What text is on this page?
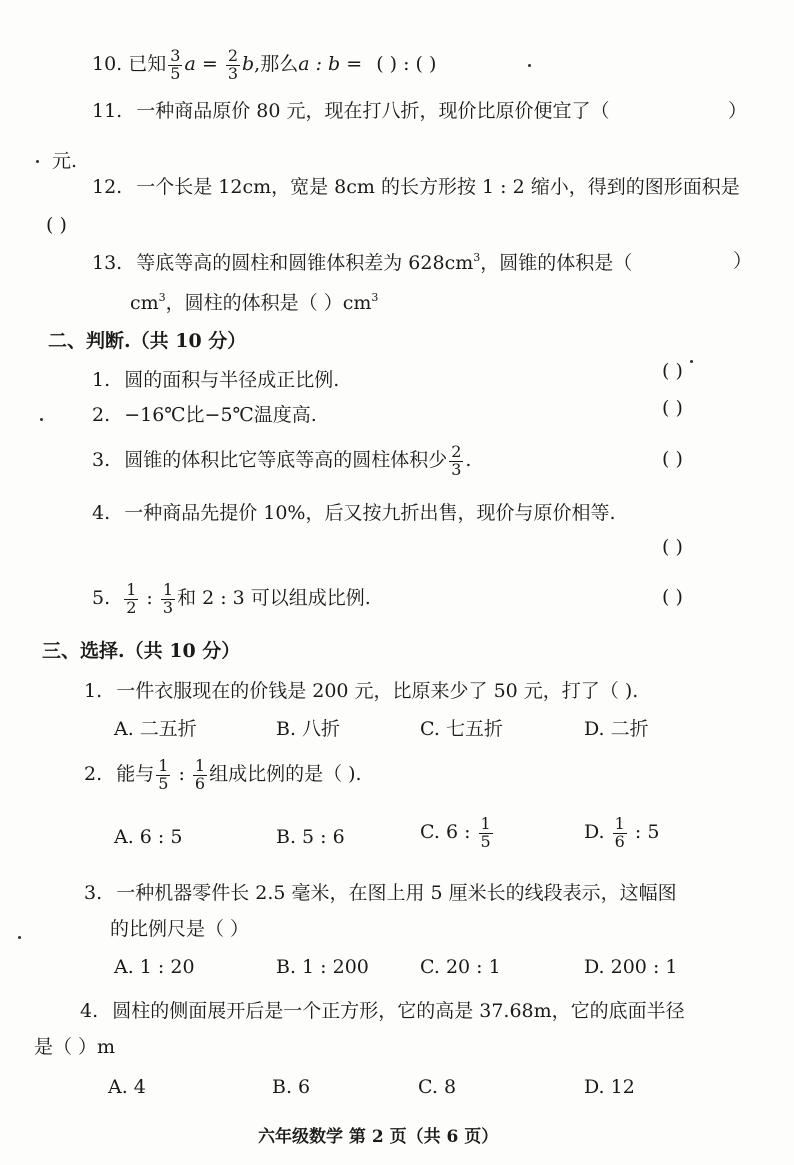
10. 已知 $\frac{3}{5}$ $a = \frac{2}{3} b$,那么a : b = ( ) : ( )
11. 一种商品原价 80 元，现在打八折，现价比原价便宜了（	）
元.
12. 一个长是 12cm，宽是 8cm 的长方形按 1 : 2 缩小，得到的图形面积是
( )
13. 等底等高的圆柱和圆锥体积差为 $628cm^3$，圆锥的体积是（	）
$cm^3$，圆柱的体积是（ ）$cm^3$
二、判断.（共 10 分）
1. 圆的面积与半径成正比例.	( )
2. −16℃比−5℃温度高.	( )
3. 圆锥的体积比它等底等高的圆柱体积少 $\frac{2}{3}$ .	( )
4. 一种商品先提价 10%，后又按九折出售，现价与原价相等.
( )
5. $\frac{1}{2}$ : $\frac{1}{3}$ 和 2 : 3 可以组成比例.	( )
三、选择.（共 10 分）
1. 一件衣服现在的价钱是 200 元，比原来少了 50 元，打了（ ).
A. 二五折	B. 八折	C. 七五折	D. 二折
2. 能与 $\frac{1}{5}$ : $\frac{1}{6}$ 组成比例的是（ ).
A. 6 : 5	B. 5 : 6	C. 6 : $\frac{1}{5}$	D. $\frac{1}{6}$ : 5
3. 一种机器零件长 2.5 毫米，在图上用 5 厘米长的线段表示，这幅图
的比例尺是（ ）
A. 1 : 20	B. 1 : 200	C. 20 : 1	D. 200 : 1
4. 圆柱的侧面展开后是一个正方形，它的高是 37.68m，它的底面半径
是（ ）m
A. 4	B. 6	C. 8	D. 12
六年级数学 第 2 页（共 6 页）
